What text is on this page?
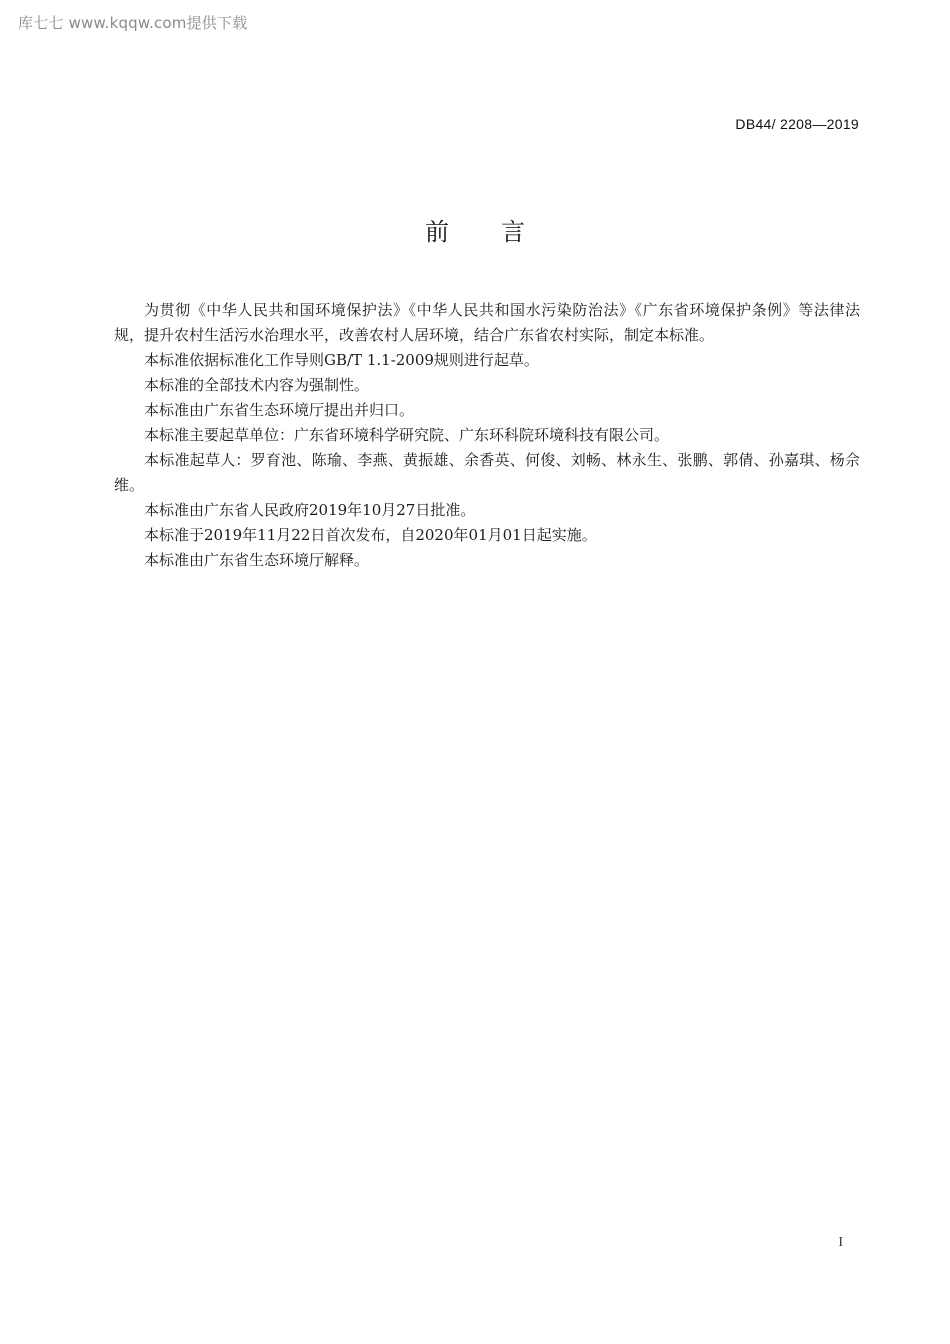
库七七 www.kqqw.com提供下载
DB44/ 2208—2019
前言

为贯彻《中华人民共和国环境保护法》《中华人民共和国水污染防治法》《广东省环境保护条例》等法律法规，提升农村生活污水治理水平，改善农村人居环境，结合广东省农村实际，制定本标准。

本标准依据标准化工作导则GB/T 1.1-2009规则进行起草。

本标准的全部技术内容为强制性。

本标准由广东省生态环境厅提出并归口。

本标准主要起草单位：广东省环境科学研究院、广东环科院环境科技有限公司。

本标准起草人：罗育池、陈瑜、李燕、黄振雄、余香英、何俊、刘畅、林永生、张鹏、郭倩、孙嘉琪、杨佘维。

本标准由广东省人民政府2019年10月27日批准。

本标准于2019年11月22日首次发布，自2020年01月01日起实施。

本标准由广东省生态环境厅解释。

I
